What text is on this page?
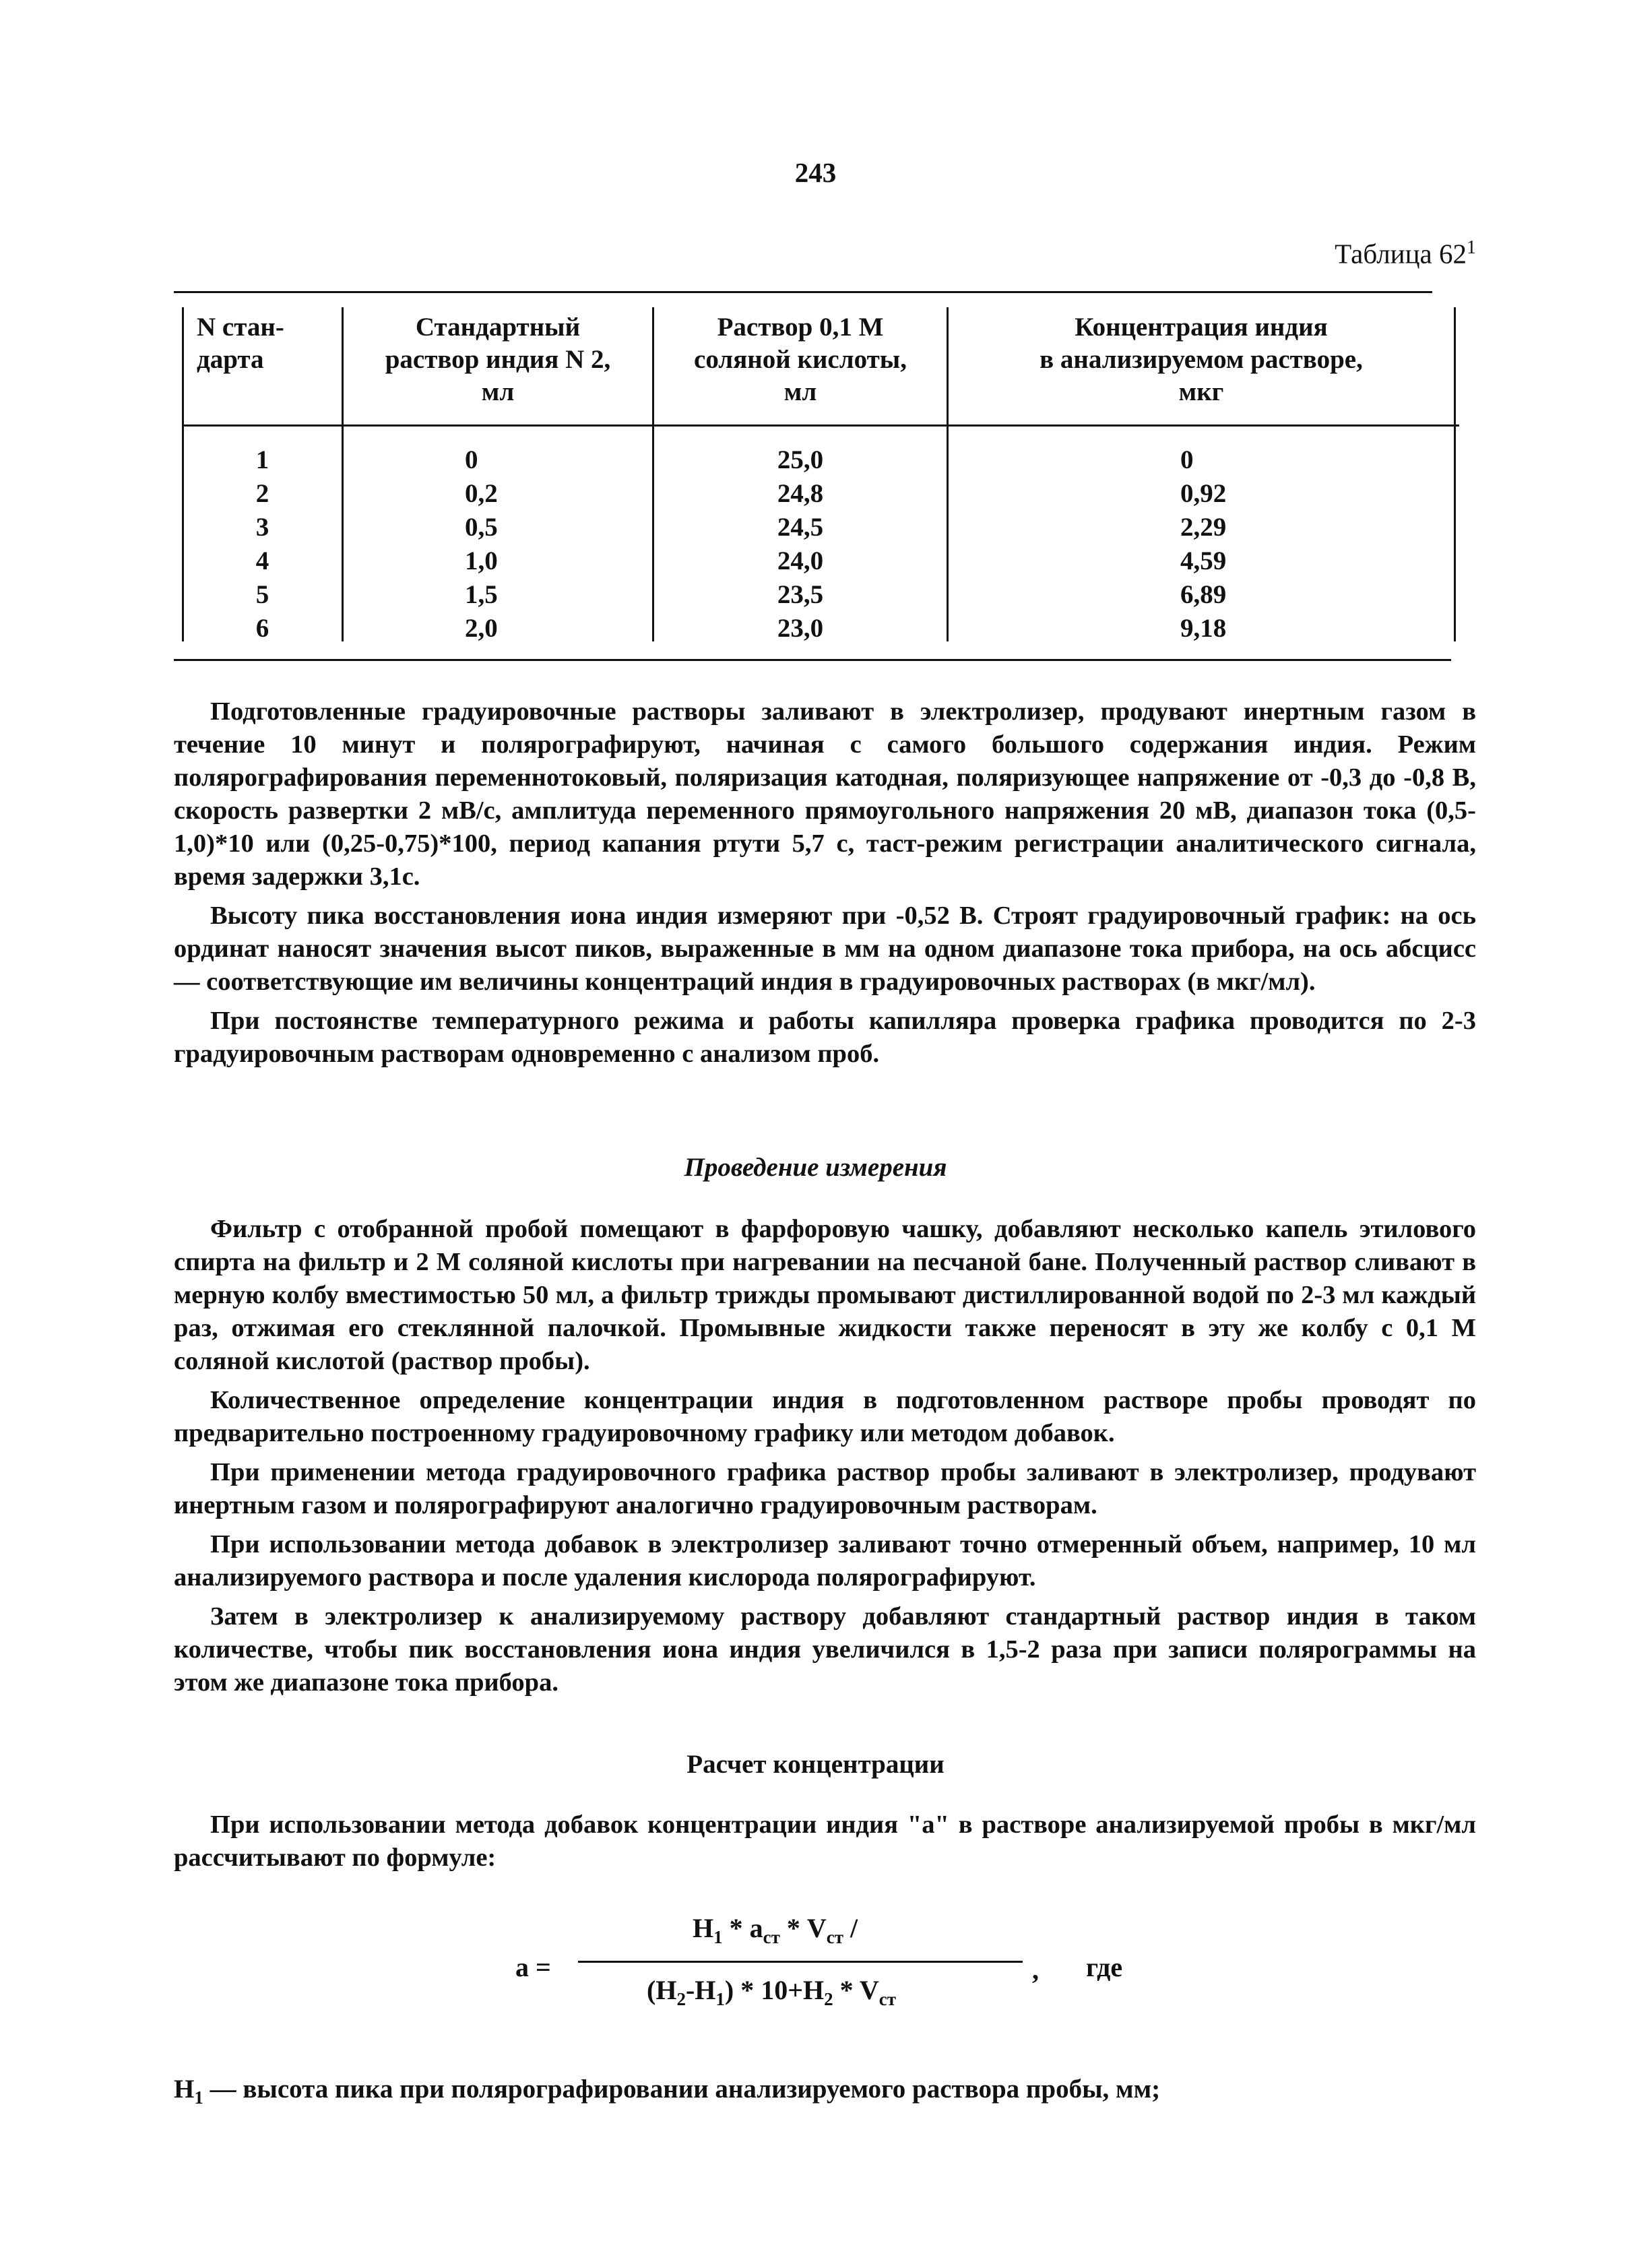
243
Таблица $62^1$
N стан-
дарта
Стандартный
раствор индия N 2,
мл
Раствор 0,1 М
соляной кислоты,
мл
Концентрация индия
в анализируемом растворе,
мкг
1
2
3
4
5
6
0
0,2
0,5
1,0
1,5
2,0
25,0
24,8
24,5
24,0
23,5
23,0
0
0,92
2,29
4,59
6,89
9,18

Подготовленные градуировочные растворы заливают в электролизер, продувают инертным газом в течение 10 минут и полярографируют, начиная с самого большого содержания индия. Режим полярографирования переменнотоковый, поляризация катодная, поляризующее напряжение от -0,3 до -0,8 В, скорость развертки 2 мВ/с, амплитуда переменного прямоугольного напряжения 20 мВ, диапазон тока (0,5-1,0)*10 или (0,25-0,75)*100, период капания ртути 5,7 с, таст-режим регистрации аналитического сигнала, время задержки 3,1с.

Высоту пика восстановления иона индия измеряют при -0,52 В. Строят градуировочный график: на ось ординат наносят значения высот пиков, выраженные в мм на одном диапазоне тока прибора, на ось абсцисс — соответствующие им величины концентраций индия в градуировочных растворах (в мкг/мл).

При постоянстве температурного режима и работы капилляра проверка графика проводится по 2-3 градуировочным растворам одновременно с анализом проб.

Проведение измерения

Фильтр с отобранной пробой помещают в фарфоровую чашку, добавляют несколько капель этилового спирта на фильтр и 2 М соляной кислоты при нагревании на песчаной бане. Полученный раствор сливают в мерную колбу вместимостью 50 мл, а фильтр трижды промывают дистиллированной водой по 2-3 мл каждый раз, отжимая его стеклянной палочкой. Промывные жидкости также переносят в эту же колбу с 0,1 М соляной кислотой (раствор пробы).

Количественное определение концентрации индия в подготовленном растворе пробы проводят по предварительно построенному градуировочному графику или методом добавок.

При применении метода градуировочного графика раствор пробы заливают в электролизер, продувают инертным газом и полярографируют аналогично градуировочным растворам.

При использовании метода добавок в электролизер заливают точно отмеренный объем, например, 10 мл анализируемого раствора и после удаления кислорода полярографируют.

Затем в электролизер к анализируемому раствору добавляют стандартный раствор индия в таком количестве, чтобы пик восстановления иона индия увеличился в 1,5-2 раза при записи полярограммы на этом же диапазоне тока прибора.

Расчет концентрации

При использовании метода добавок концентрации индия "а" в растворе анализируемой пробы в мкг/мл рассчитывают по формуле:

а =
$H_1 * a_{ст} * V_{ст}$ /
$(H_2-H_1) * 10+H_2 * V_{ст}$
, где
$H_1$ — высота пика при полярографировании анализируемого раствора пробы, мм;
